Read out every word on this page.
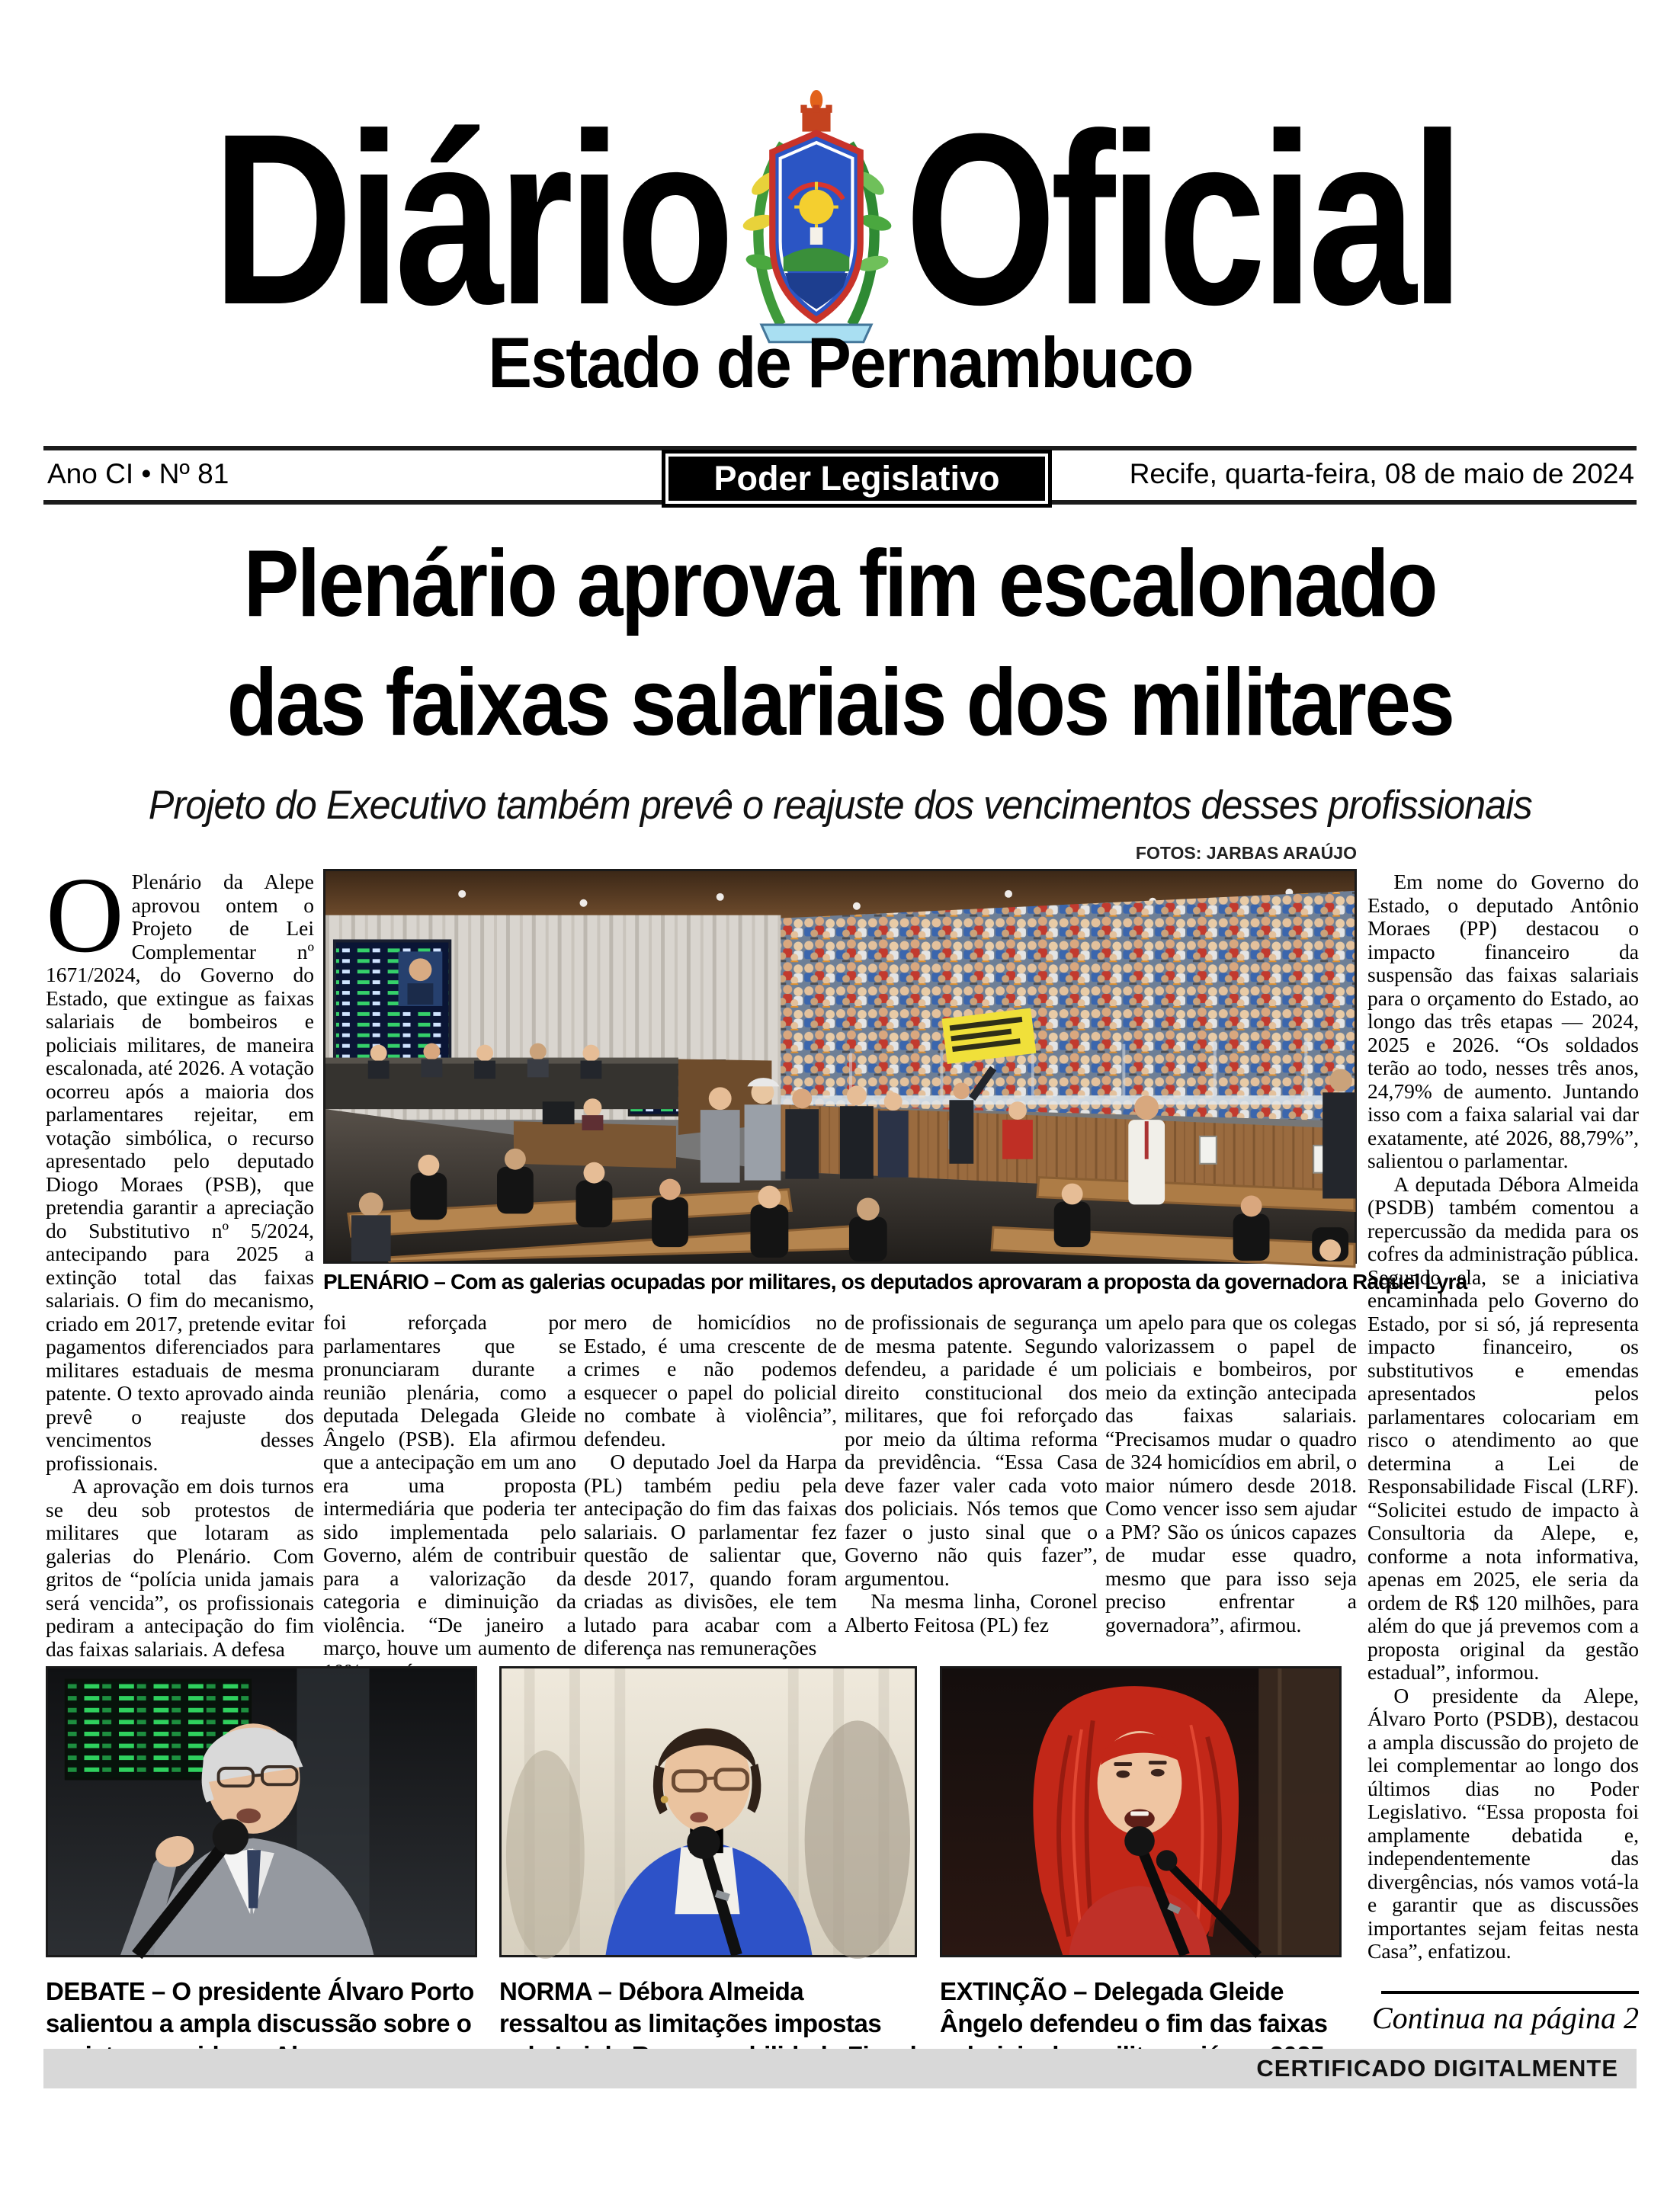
Diário Oficial
Estado de Pernambuco
Ano CI • Nº 81	Poder Legislativo	Recife, quarta-feira, 08 de maio de 2024
Plenário aprova fim escalonado
das faixas salariais dos militares
Projeto do Executivo também prevê o reajuste dos vencimentos desses profissionais
FOTOS: JARBAS ARAÚJO

O Plenário da Alepe aprovou ontem o Projeto de Lei Complementar nº 1671/2024, do Governo do Estado, que extingue as faixas salariais de bombeiros e policiais militares, de maneira escalonada, até 2026. A votação ocorreu após a maioria dos parlamentares rejeitar, em votação simbólica, o recurso apresentado pelo deputado Diogo Moraes (PSB), que pretendia garantir a apreciação do Substitutivo nº 5/2024, antecipando para 2025 a extinção total das faixas salariais. O fim do mecanismo, criado em 2017, pretende evitar pagamentos diferenciados para militares estaduais de mesma patente. O texto aprovado ainda prevê o reajuste dos vencimentos desses profissionais.

A aprovação em dois turnos se deu sob protestos de militares que lotaram as galerias do Plenário. Com gritos de “polícia unida jamais será vencida”, os profissionais pediram a antecipação do fim das faixas salariais. A defesa

PLENÁRIO – Com as galerias ocupadas por militares, os deputados aprovaram a proposta da governadora Raquel Lyra

foi reforçada por parlamentares que se pronunciaram durante a reunião plenária, como a deputada Delegada Gleide Ângelo (PSB). Ela afirmou que a antecipação em um ano era uma proposta intermediária que poderia ter sido implementada pelo Governo, além de contribuir para a valorização da categoria e diminuição da violência. “De janeiro a março, houve um aumento de

mero de homicídios no Estado, é uma crescente de crimes e não podemos esquecer o papel do policial no combate à violência”, defendeu.

O deputado Joel da Harpa (PL) também pediu pela antecipação do fim das faixas salariais. O parlamentar fez questão de salientar que, desde 2017, quando foram criadas as divisões, ele tem lutado para acabar com a diferença nas remunerações

de profissionais de segurança de mesma patente. Segundo defendeu, a paridade é um direito constitucional dos militares, que foi reforçado por meio da última reforma da previdência. “Essa Casa deve fazer valer cada voto dos policiais. Nós temos que fazer o justo sinal que o Governo não quis fazer”, argumentou.

Na mesma linha, Coronel Alberto Feitosa (PL) fez

um apelo para que os colegas valorizassem o papel de policiais e bombeiros, por meio da extinção antecipada das faixas salariais. “Precisamos mudar o quadro de 324 homicídios em abril, o maior número desde 2018. Como vencer isso sem ajudar a PM? São os únicos capazes de mudar esse quadro, mesmo que para isso seja preciso enfrentar a governadora”, afirmou.

Em nome do Governo do Estado, o deputado Antônio Moraes (PP) destacou o impacto financeiro da suspensão das faixas salariais para o orçamento do Estado, ao longo das três etapas — 2024, 2025 e 2026. “Os soldados terão ao todo, nesses três anos, 24,79% de aumento. Juntando isso com a faixa salarial vai dar exatamente, até 2026, 88,79%”, salientou o parlamentar.

A deputada Débora Almeida (PSDB) também comentou a repercussão da medida para os cofres da administração pública. Segundo ela, se a iniciativa encaminhada pelo Governo do Estado, por si só, já representa impacto financeiro, os substitutivos e emendas apresentados pelos parlamentares colocariam em risco o atendimento ao que determina a Lei de Responsabilidade Fiscal (LRF). “Solicitei estudo de impacto à Consultoria da Alepe, e, conforme a nota informativa, apenas em 2025, ele seria da ordem de R$ 120 milhões, para além do que já prevemos com a proposta original da gestão estadual”, informou.

O presidente da Alepe, Álvaro Porto (PSDB), destacou a ampla discussão do projeto de lei complementar ao longo dos últimos dias no Poder Legislativo. “Essa proposta foi amplamente debatida e, independentemente das divergências, nós vamos votá-la e garantir que as discussões importantes sejam feitas nesta Casa”, enfatizou.

DEBATE – O presidente Álvaro Porto salientou a ampla discussão sobre o
NORMA – Débora Almeida ressaltou as limitações impostas
EXTINÇÃO – Delegada Gleide Ângelo defendeu o fim das faixas	Continua na página 2
CERTIFICADO DIGITALMENTE
